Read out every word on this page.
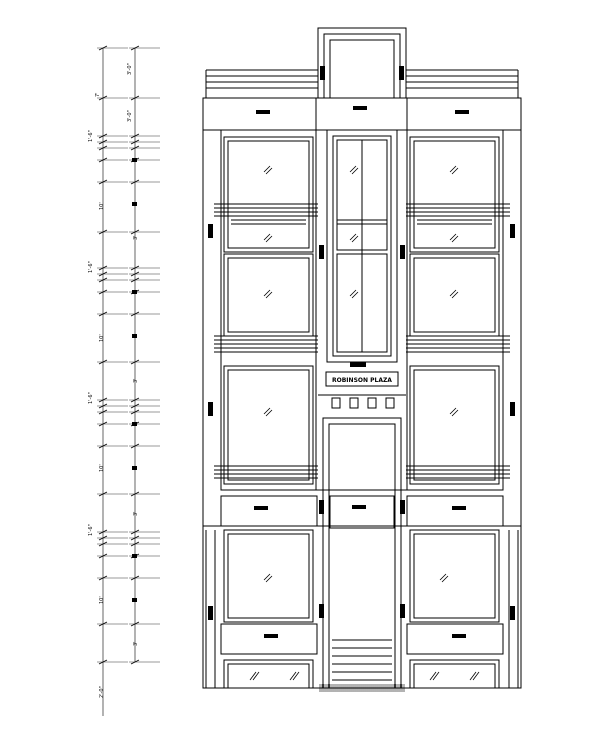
3'-0"
3'-0"
7'
1'-6"
1'-6"
1'-6"
1'-6"
10'
10'
10'
10'
3'
3'
3'
3'
2'-0"
ROBINSON PLAZA
